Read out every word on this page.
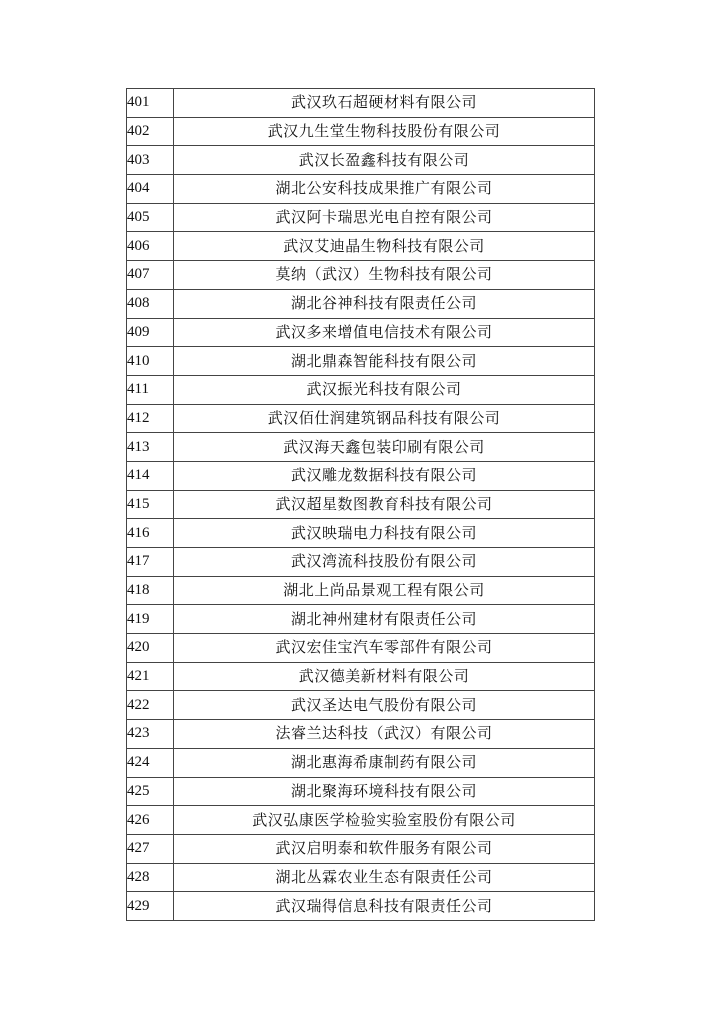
401	武汉玖石超硬材料有限公司
402	武汉九生堂生物科技股份有限公司
403	武汉长盈鑫科技有限公司
404	湖北公安科技成果推广有限公司
405	武汉阿卡瑞思光电自控有限公司
406	武汉艾迪晶生物科技有限公司
407	莫纳（武汉）生物科技有限公司
408	湖北谷神科技有限责任公司
409	武汉多来增值电信技术有限公司
410	湖北鼎森智能科技有限公司
411	武汉振光科技有限公司
412	武汉佰仕润建筑钢品科技有限公司
413	武汉海天鑫包装印刷有限公司
414	武汉雕龙数据科技有限公司
415	武汉超星数图教育科技有限公司
416	武汉映瑞电力科技有限公司
417	武汉湾流科技股份有限公司
418	湖北上尚品景观工程有限公司
419	湖北神州建材有限责任公司
420	武汉宏佳宝汽车零部件有限公司
421	武汉德美新材料有限公司
422	武汉圣达电气股份有限公司
423	法睿兰达科技（武汉）有限公司
424	湖北惠海希康制药有限公司
425	湖北聚海环境科技有限公司
426	武汉弘康医学检验实验室股份有限公司
427	武汉启明泰和软件服务有限公司
428	湖北丛霖农业生态有限责任公司
429	武汉瑞得信息科技有限责任公司
